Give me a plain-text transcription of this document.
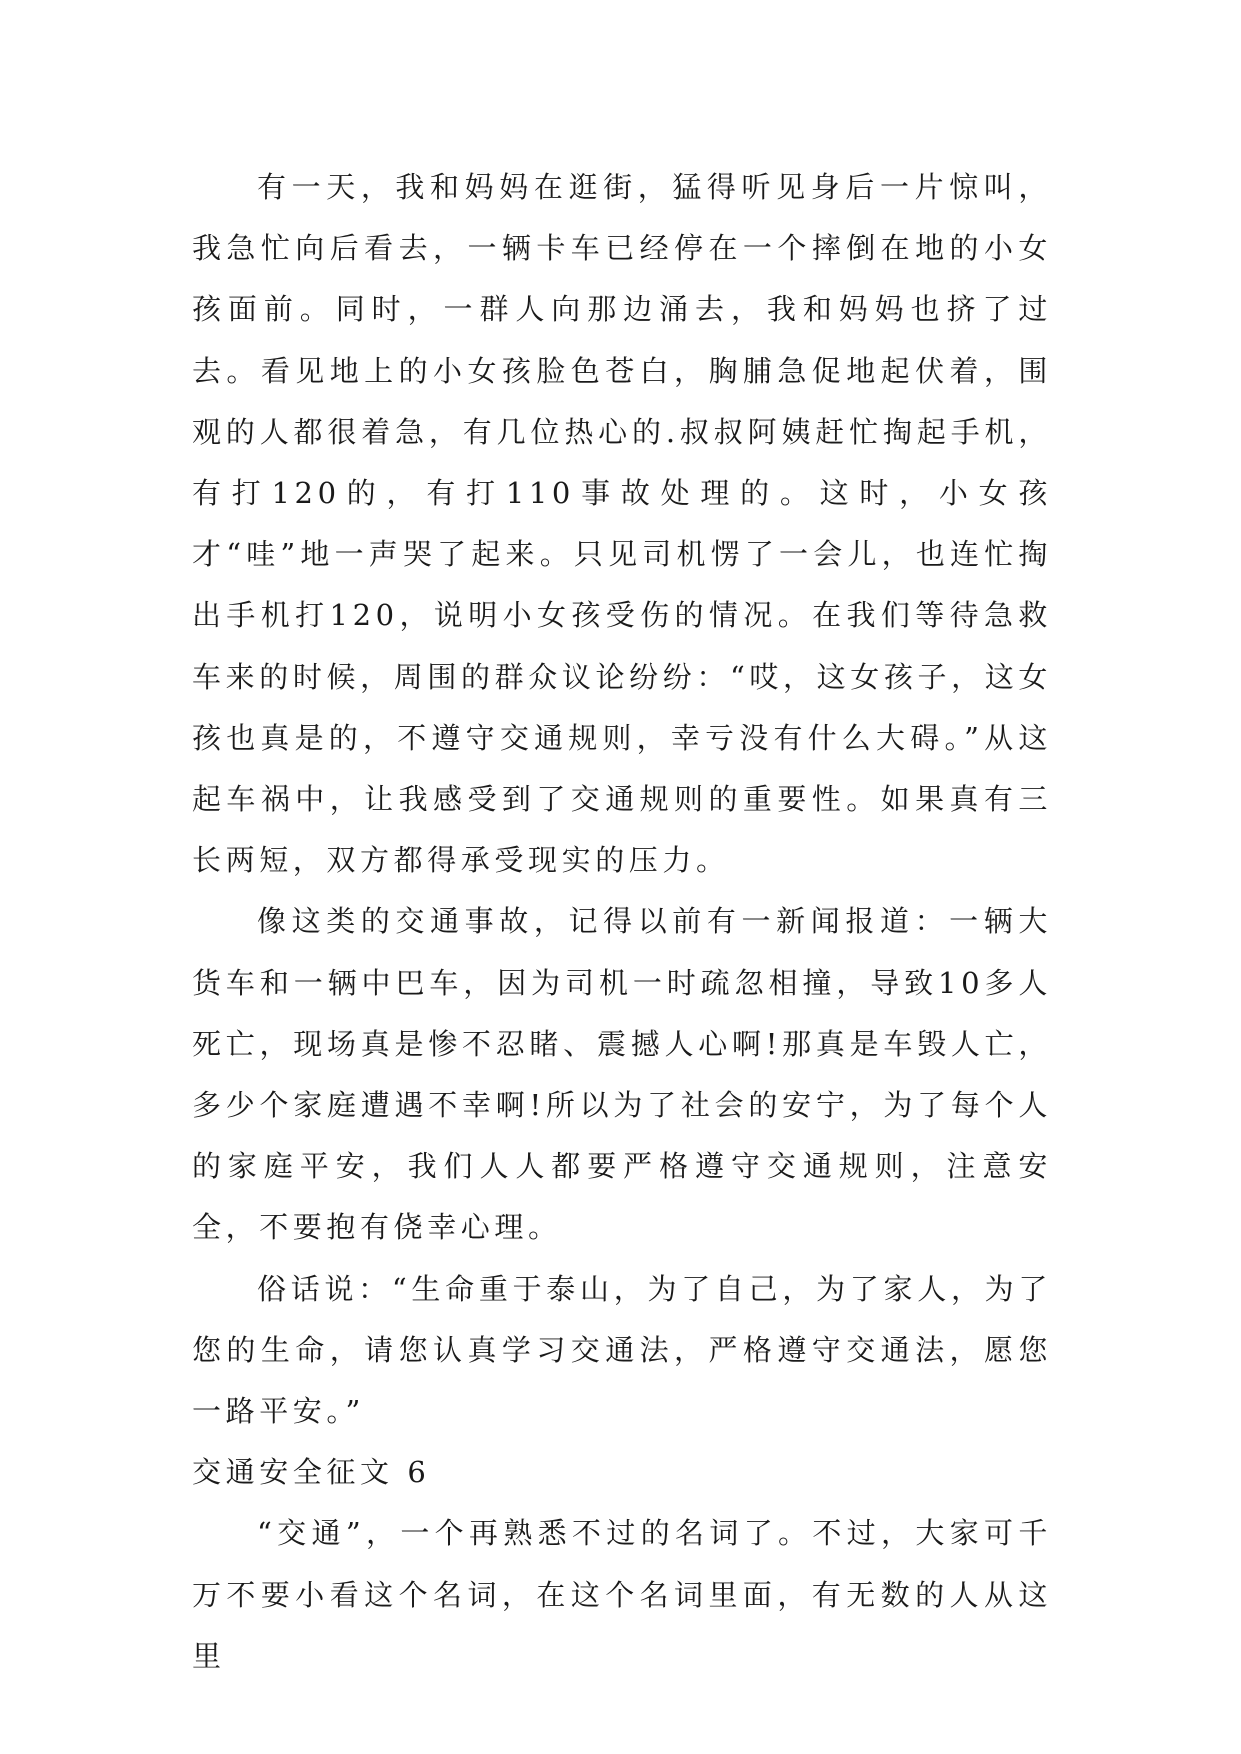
有一天，我和妈妈在逛街，猛得听见身后一片惊叫，我急忙向后看去，一辆卡车已经停在一个摔倒在地的小女孩面前。同时，一群人向那边涌去，我和妈妈也挤了过去。看见地上的小女孩脸色苍白，胸脯急促地起伏着，围观的人都很着急，有几位热心的.叔叔阿姨赶忙掏起手机，有打120的，有打110事故处理的。这时，小女孩才“哇”地一声哭了起来。只见司机愣了一会儿，也连忙掏出手机打120，说明小女孩受伤的情况。在我们等待急救车来的时候，周围的群众议论纷纷：“哎，这女孩子，这女孩也真是的，不遵守交通规则，幸亏没有什么大碍。”从这起车祸中，让我感受到了交通规则的重要性。如果真有三长两短，双方都得承受现实的压力。

像这类的交通事故，记得以前有一新闻报道：一辆大货车和一辆中巴车，因为司机一时疏忽相撞，导致10多人死亡，现场真是惨不忍睹、震撼人心啊!那真是车毁人亡，多少个家庭遭遇不幸啊!所以为了社会的安宁，为了每个人的家庭平安，我们人人都要严格遵守交通规则，注意安全，不要抱有侥幸心理。

俗话说：“生命重于泰山，为了自己，为了家人，为了您的生命，请您认真学习交通法，严格遵守交通法，愿您一路平安。”

交通安全征文 6

“交通”，一个再熟悉不过的名词了。不过，大家可千万不要小看这个名词，在这个名词里面，有无数的人从这里
